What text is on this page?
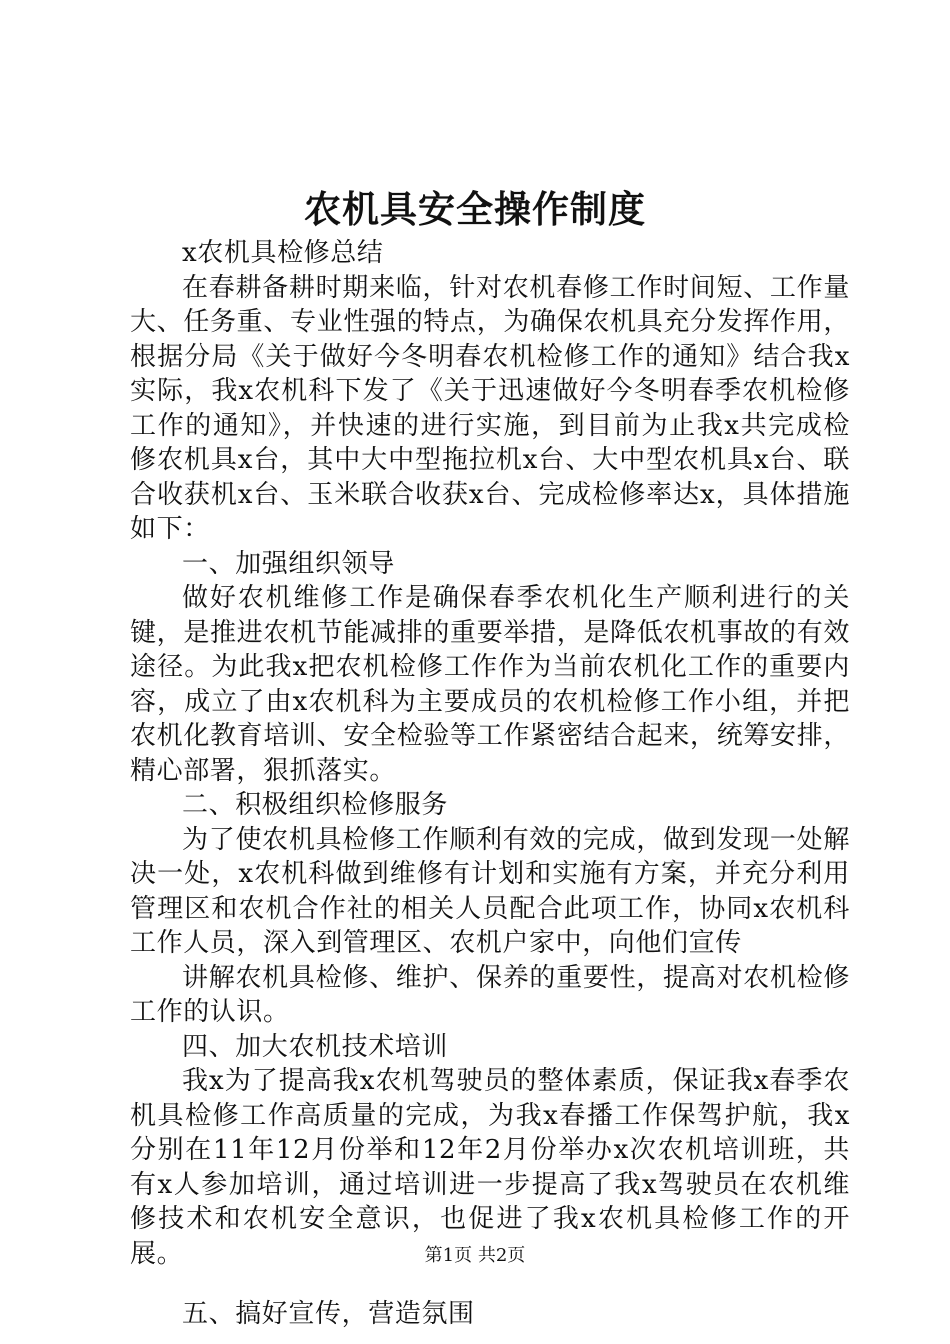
农机具安全操作制度

x农机具检修总结

在春耕备耕时期来临，针对农机春修工作时间短、工作量大、任务重、专业性强的特点，为确保农机具充分发挥作用，根据分局《关于做好今冬明春农机检修工作的通知》结合我x实际，我x农机科下发了《关于迅速做好今冬明春季农机检修工作的通知》，并快速的进行实施，到目前为止我x共完成检修农机具x台，其中大中型拖拉机x台、大中型农机具x台、联合收获机x台、玉米联合收获x台、完成检修率达x，具体措施如下：

一、加强组织领导

做好农机维修工作是确保春季农机化生产顺利进行的关键，是推进农机节能减排的重要举措，是降低农机事故的有效途径。为此我x把农机检修工作作为当前农机化工作的重要内容，成立了由x农机科为主要成员的农机检修工作小组，并把农机化教育培训、安全检验等工作紧密结合起来，统筹安排，精心部署，狠抓落实。

二、积极组织检修服务

为了使农机具检修工作顺利有效的完成，做到发现一处解决一处，x农机科做到维修有计划和实施有方案，并充分利用管理区和农机合作社的相关人员配合此项工作，协同x农机科工作人员，深入到管理区、农机户家中，向他们宣传

讲解农机具检修、维护、保养的重要性，提高对农机检修工作的认识。

四、加大农机技术培训

我x为了提高我x农机驾驶员的整体素质，保证我x春季农机具检修工作高质量的完成，为我x春播工作保驾护航，我x分别在11年12月份举和12年2月份举办x次农机培训班，共有x人参加培训，通过培训进一步提高了我x驾驶员在农机维修技术和农机安全意识，也促进了我x农机具检修工作的开展。

五、搞好宣传，营造氛围

第1页 共2页
